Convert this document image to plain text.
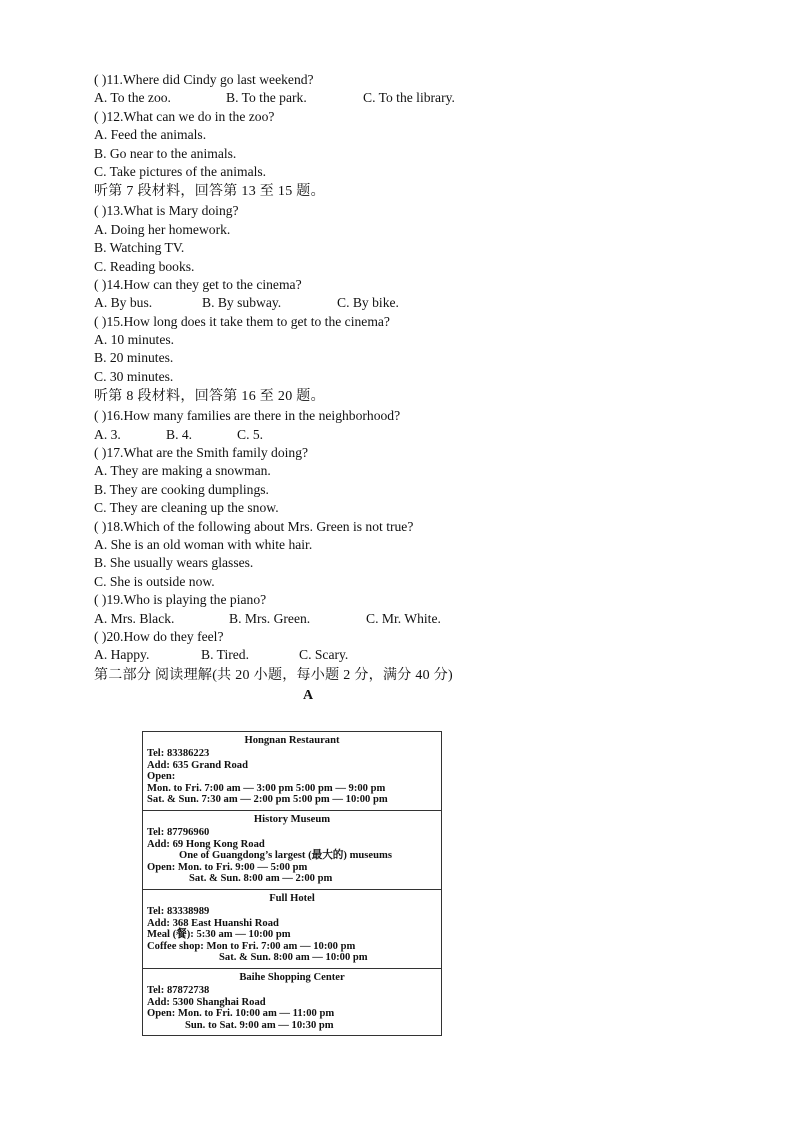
( )11.Where did Cindy go last weekend?
A. To the zoo.	B. To the park.	C. To the library.
( )12.What can we do in the zoo?
A. Feed the animals.
B. Go near to the animals.
C. Take pictures of the animals.
听第 7 段材料，回答第 13 至 15 题。
( )13.What is Mary doing?
A. Doing her homework.
B. Watching TV.
C. Reading books.
( )14.How can they get to the cinema?
A. By bus.	B. By subway.	C. By bike.
( )15.How long does it take them to get to the cinema?
A. 10 minutes.
B. 20 minutes.
C. 30 minutes.
听第 8 段材料，回答第 16 至 20 题。
( )16.How many families are there in the neighborhood?
A. 3.	B. 4.	C. 5.
( )17.What are the Smith family doing?
A. They are making a snowman.
B. They are cooking dumplings.
C. They are cleaning up the snow.
( )18.Which of the following about Mrs. Green is not true?
A. She is an old woman with white hair.
B. She usually wears glasses.
C. She is outside now.
( )19.Who is playing the piano?
A. Mrs. Black.	B. Mrs. Green.	C. Mr. White.
( )20.How do they feel?
A. Happy.	B. Tired.	C. Scary.
第二部分 阅读理解(共 20 小题，每小题 2 分，满分 40 分)
A
Hongnan Restaurant
Tel: 83386223
Add: 635 Grand Road
Open:
Mon. to Fri. 7:00 am — 3:00 pm 5:00 pm — 9:00 pm
Sat. & Sun. 7:30 am — 2:00 pm 5:00 pm — 10:00 pm

History Museum
Tel: 87796960
Add: 69 Hong Kong Road
One of Guangdong’s largest (最大的) museums
Open: Mon. to Fri. 9:00 — 5:00 pm
Sat. & Sun. 8:00 am — 2:00 pm

Full Hotel
Tel: 83338989
Add: 368 East Huanshi Road
Meal (餐): 5:30 am — 10:00 pm
Coffee shop: Mon to Fri. 7:00 am — 10:00 pm
Sat. & Sun. 8:00 am — 10:00 pm

Baihe Shopping Center
Tel: 87872738
Add: 5300 Shanghai Road
Open: Mon. to Fri. 10:00 am — 11:00 pm
Sun. to Sat. 9:00 am — 10:30 pm
